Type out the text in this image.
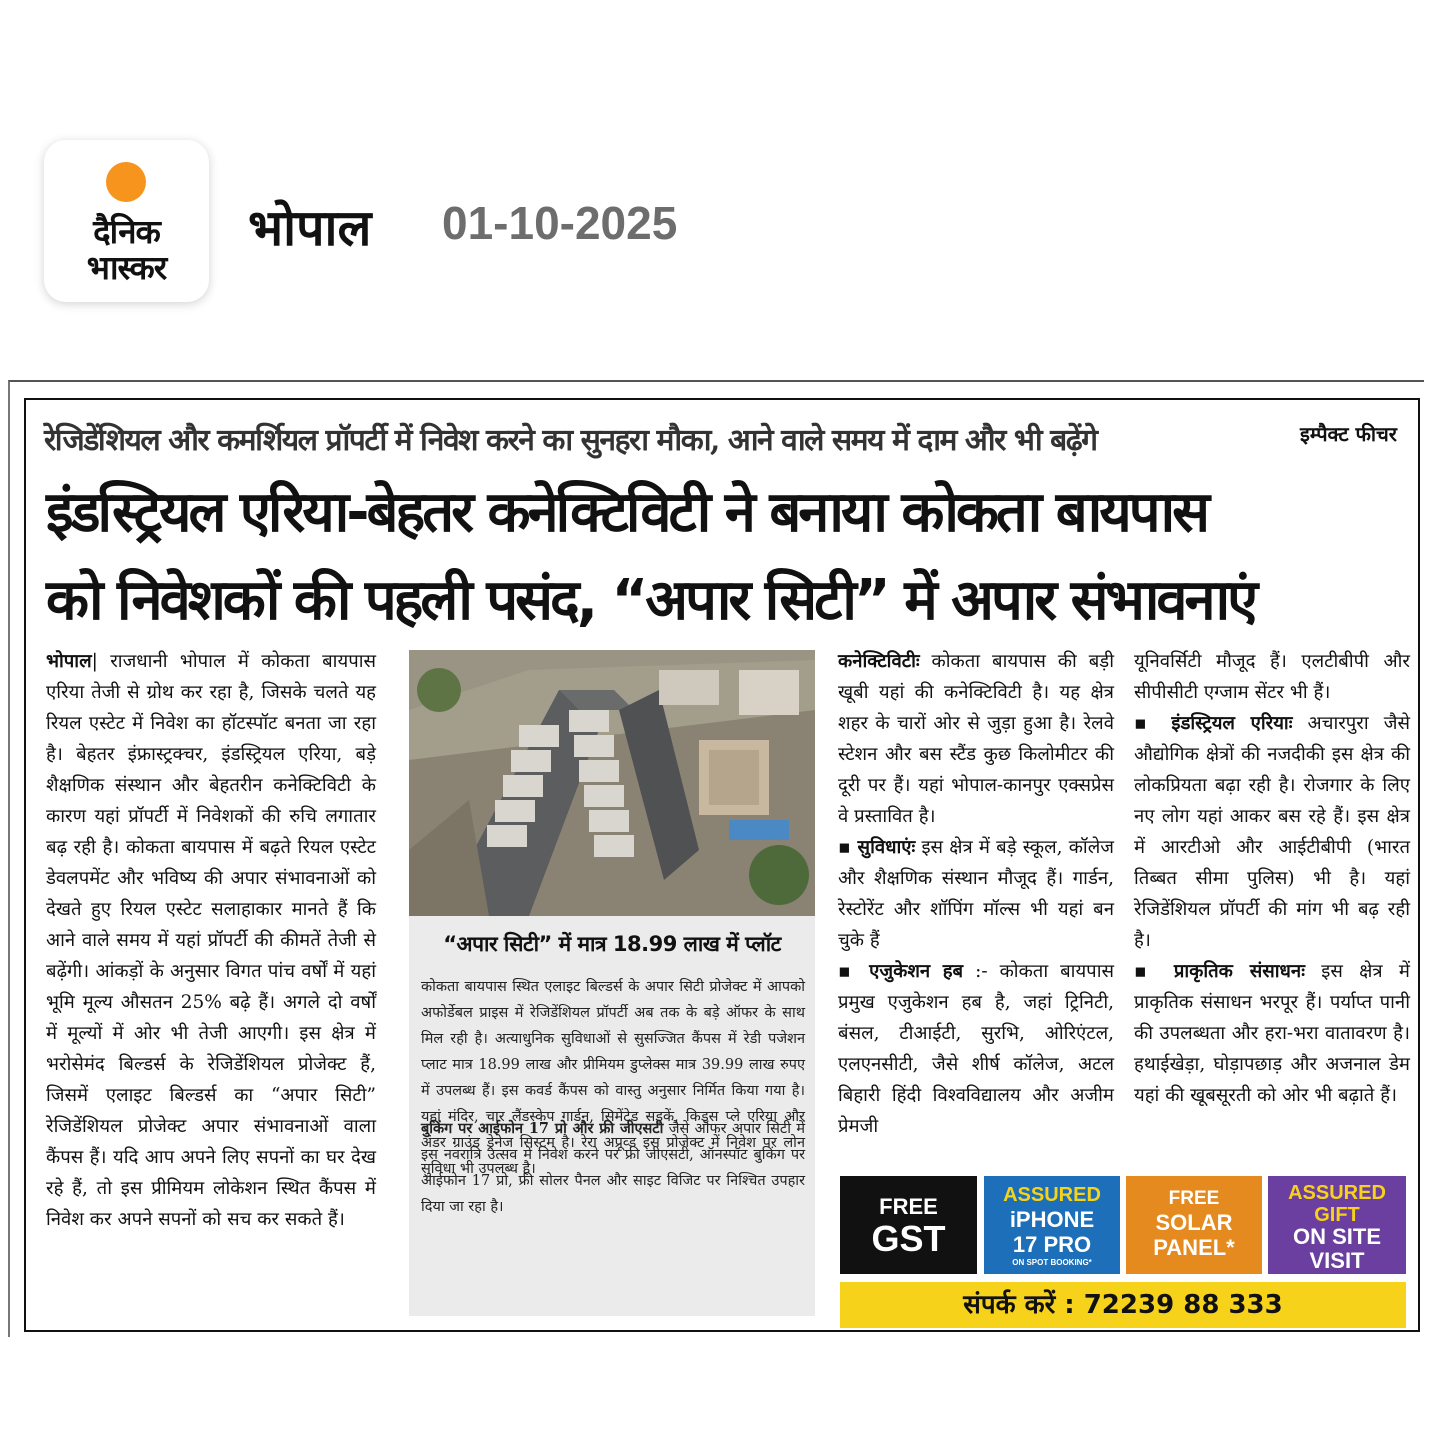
दैनिक
भास्कर
भोपाल 01-10-2025
रेजिडेंशियल और कमर्शियल प्रॉपर्टी में निवेश करने का सुनहरा मौका, आने वाले समय में दाम और भी बढ़ेंगे	इम्पैक्ट फीचर
इंडस्ट्रियल एरिया-बेहतर कनेक्टिविटी ने बनाया कोकता बायपास
को निवेशकों की पहली पसंद, “अपार सिटी” में अपार संभावनाएं
भोपाल| राजधानी भोपाल में कोकता बायपास एरिया तेजी से ग्रोथ कर रहा है, जिसके चलते यह रियल एस्टेट में निवेश का हॉटस्पॉट बनता जा रहा है। बेहतर इंफ्रास्ट्रक्चर, इंडस्ट्रियल एरिया, बड़े शैक्षणिक संस्थान और बेहतरीन कनेक्टिविटी के कारण यहां प्रॉपर्टी में निवेशकों की रुचि लगातार बढ़ रही है। कोकता बायपास में बढ़ते रियल एस्टेट डेवलपमेंट और भविष्य की अपार संभावनाओं को देखते हुए रियल एस्टेट सलाहाकार मानते हैं कि आने वाले समय में यहां प्रॉपर्टी की कीमतें तेजी से बढ़ेंगी। आंकड़ों के अनुसार विगत पांच वर्षों में यहां भूमि मूल्य औसतन 25% बढ़े हैं। अगले दो वर्षों में मूल्यों में ओर भी तेजी आएगी। इस क्षेत्र में भरोसेमंद बिल्डर्स के रेजिडेंशियल प्रोजेक्ट हैं, जिसमें एलाइट बिल्डर्स का “अपार सिटी” रेजिडेंशियल प्रोजेक्ट अपार संभावनाओं वाला कैंपस हैं। यदि आप अपने लिए सपनों का घर देख रहे हैं, तो इस प्रीमियम लोकेशन स्थित कैंपस में निवेश कर अपने सपनों को सच कर सकते हैं।
“अपार सिटी” में मात्र 18.99 लाख में प्लॉट
कोकता बायपास स्थित एलाइट बिल्डर्स के अपार सिटी प्रोजेक्ट में आपको अफोर्डेबल प्राइस में रेजिडेंशियल प्रॉपर्टी अब तक के बड़े ऑफर के साथ मिल रही है। अत्याधुनिक सुविधाओं से सुसज्जित कैंपस में रेडी पजेशन प्लाट मात्र 18.99 लाख और प्रीमियम डुप्लेक्स मात्र 39.99 लाख रुपए में उपलब्ध हैं। इस कवर्ड कैंपस को वास्तु अनुसार निर्मित किया गया है। यहां मंदिर, चार लैंडस्केप गार्डन, सिमेंटेड सड़कें, किड्स प्ले एरिया और अंडर ग्राउंड ड्रेनेज सिस्टम है। रेरा अप्रूव्ड इस प्रोजेक्ट में निवेश पर लोन सुविधा भी उपलब्ध है।
बुकिंग पर आईफोन 17 प्रो और फ्री जीएसटी जैसे ऑफर अपार सिटी में इस नवरात्रि उत्सव में निवेश करने पर फ्री जीएसटी, ऑनस्पॉट बुकिंग पर आईफोन 17 प्रो, फ्री सोलर पैनल और साइट विजिट पर निश्चित उपहार दिया जा रहा है।
कनेक्टिविटीः कोकता बायपास की बड़ी खूबी यहां की कनेक्टिविटी है। यह क्षेत्र शहर के चारों ओर से जुड़ा हुआ है। रेलवे स्टेशन और बस स्टैंड कुछ किलोमीटर की दूरी पर हैं। यहां भोपाल-कानपुर एक्सप्रेस वे प्रस्तावित है।
▪ सुविधाएंः इस क्षेत्र में बड़े स्कूल, कॉलेज और शैक्षणिक संस्थान मौजूद हैं। गार्डन, रेस्टोरेंट और शॉपिंग मॉल्स भी यहां बन चुके हैं
▪ एजुकेशन हब :- कोकता बायपास प्रमुख एजुकेशन हब है, जहां ट्रिनिटी, बंसल, टीआईटी, सुरभि, ओरिएंटल, एलएनसीटी, जैसे शीर्ष कॉलेज, अटल बिहारी हिंदी विश्वविद्यालय और अजीम प्रेमजी
यूनिवर्सिटी मौजूद हैं। एलटीबीपी और सीपीसीटी एग्जाम सेंटर भी हैं।
▪ इंडस्ट्रियल एरियाः अचारपुरा जैसे औद्योगिक क्षेत्रों की नजदीकी इस क्षेत्र की लोकप्रियता बढ़ा रही है। रोजगार के लिए नए लोग यहां आकर बस रहे हैं। इस क्षेत्र में आरटीओ और आईटीबीपी (भारत तिब्बत सीमा पुलिस) भी है। यहां रेजिडेंशियल प्रॉपर्टी की मांग भी बढ़ रही है।
▪ प्राकृतिक संसाधनः इस क्षेत्र में प्राकृतिक संसाधन भरपूर हैं। पर्याप्त पानी की उपलब्धता और हरा-भरा वातावरण है। हथाईखेड़ा, घोड़ापछाड़ और अजनाल डेम यहां की खूबसूरती को ओर भी बढ़ाते हैं।
FREE
GST
ASSURED
iPHONE
17 PRO
ON SPOT BOOKING*
FREE
SOLAR
PANEL*
ASSURED
GIFT
ON SITE
VISIT
संपर्क करें : 72239 88 333
